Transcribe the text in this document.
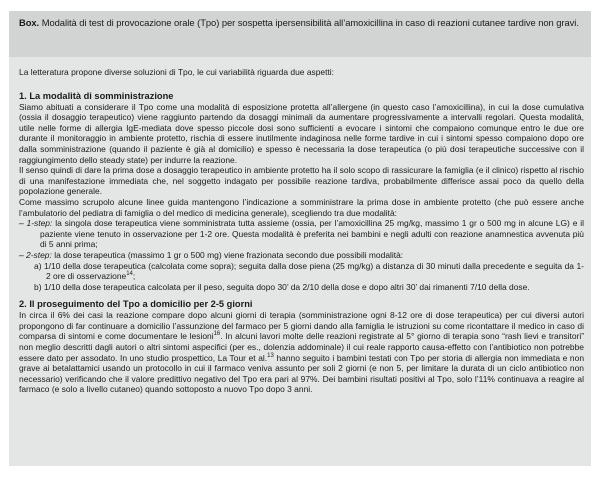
Box. Modalità di test di provocazione orale (Tpo) per sospetta ipersensibilità all’amoxicillina in caso di reazioni cutanee tardive non gravi.

La letteratura propone diverse soluzioni di Tpo, le cui variabilità riguarda due aspetti:

1. La modalità di somministrazione

Siamo abituati a considerare il Tpo come una modalità di esposizione protetta all’allergene (in questo caso l’amoxicillina), in cui la dose cumulativa (ossia il dosaggio terapeutico) viene raggiunto partendo da dosaggi minimali da aumentare progressivamente a intervalli regolari. Questa modalità, utile nelle forme di allergia IgE-mediata dove spesso piccole dosi sono sufficienti a evocare i sintomi che compaiono comunque entro le due ore durante il monitoraggio in ambiente protetto, rischia di essere inutilmente indaginosa nelle forme tardive in cui i sintomi spesso compaiono dopo ore dalla somministrazione (quando il paziente è già al domicilio) e spesso è necessaria la dose terapeutica (o più dosi terapeutiche successive con il raggiungimento dello steady state) per indurre la reazione.

Il senso quindi di dare la prima dose a dosaggio terapeutico in ambiente protetto ha il solo scopo di rassicurare la famiglia (e il clinico) rispetto al rischio di una manifestazione immediata che, nel soggetto indagato per possibile reazione tardiva, probabilmente differisce assai poco da quello della popolazione generale.

Come massimo scrupolo alcune linee guida mantengono l’indicazione a somministrare la prima dose in ambiente protetto (che può essere anche l’ambulatorio del pediatra di famiglia o del medico di medicina generale), scegliendo tra due modalità:

– 1-step: la singola dose terapeutica viene somministrata tutta assieme (ossia, per l’amoxicillina 25 mg/kg, massimo 1 gr o 500 mg in alcune LG) e il paziente viene tenuto in osservazione per 1-2 ore. Questa modalità è preferita nei bambini e negli adulti con reazione anamnestica avvenuta più di 5 anni prima;

– 2-step: la dose terapeutica (massimo 1 gr o 500 mg) viene frazionata secondo due possibili modalità:

a) 1/10 della dose terapeutica (calcolata come sopra); seguita dalla dose piena (25 mg/kg) a distanza di 30 minuti dalla precedente e seguita da 1-2 ore di osservazione$^{14}$;

b) 1/10 della dose terapeutica calcolata per il peso, seguita dopo 30’ da 2/10 della dose e dopo altri 30’ dai rimanenti 7/10 della dose.

2. Il proseguimento del Tpo a domicilio per 2-5 giorni

In circa il 6% dei casi la reazione compare dopo alcuni giorni di terapia (somministrazione ogni 8-12 ore di dose terapeutica) per cui diversi autori propongono di far continuare a domicilio l’assunzione del farmaco per 5 giorni dando alla famiglia le istruzioni su come ricontattare il medico in caso di comparsa di sintomi e come documentare le lesioni$^{16}$. In alcuni lavori molte delle reazioni registrate al 5° giorno di terapia sono “rash lievi e transitori” non meglio descritti dagli autori o altri sintomi aspecifici (per es., dolenzia addominale) il cui reale rapporto causa-effetto con l’antibiotico non potrebbe essere dato per assodato. In uno studio prospettico, La Tour et al.$^{13}$ hanno seguito i bambini testati con Tpo per storia di allergia non immediata e non grave ai betalattamici usando un protocollo in cui il farmaco veniva assunto per soli 2 giorni (e non 5, per limitare la durata di un ciclo antibiotico non necessario) verificando che il valore predittivo negativo del Tpo era pari al 97%. Dei bambini risultati positivi al Tpo, solo l’11% continuava a reagire al farmaco (e solo a livello cutaneo) quando sottoposto a nuovo Tpo dopo 3 anni.
